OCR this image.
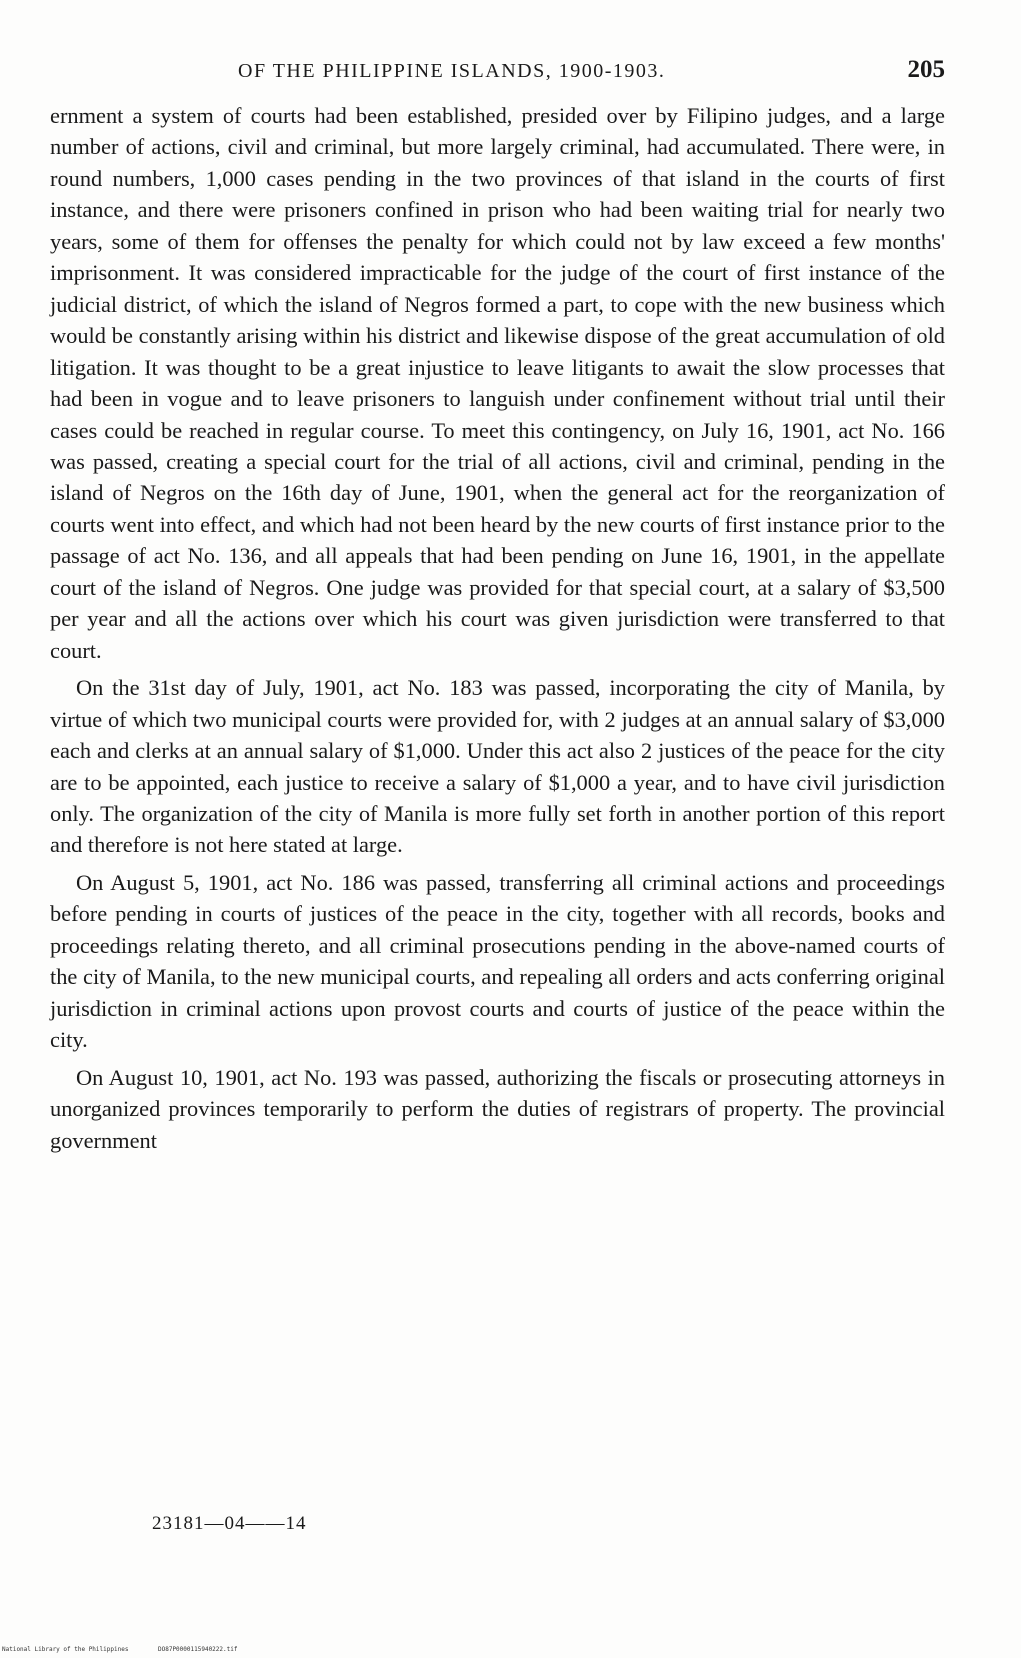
OF THE PHILIPPINE ISLANDS, 1900-1903.	205

ernment a system of courts had been established, presided over by Filipino judges, and a large number of actions, civil and criminal, but more largely criminal, had accumulated. There were, in round numbers, 1,000 cases pending in the two provinces of that island in the courts of first instance, and there were prisoners confined in prison who had been waiting trial for nearly two years, some of them for offenses the penalty for which could not by law exceed a few months' imprisonment. It was considered impracticable for the judge of the court of first instance of the judicial district, of which the island of Negros formed a part, to cope with the new business which would be constantly arising within his district and likewise dispose of the great accumulation of old litigation. It was thought to be a great injustice to leave litigants to await the slow processes that had been in vogue and to leave prisoners to languish under confinement without trial until their cases could be reached in regular course. To meet this contingency, on July 16, 1901, act No. 166 was passed, creating a special court for the trial of all actions, civil and criminal, pending in the island of Negros on the 16th day of June, 1901, when the general act for the reorganization of courts went into effect, and which had not been heard by the new courts of first instance prior to the passage of act No. 136, and all appeals that had been pending on June 16, 1901, in the appellate court of the island of Negros. One judge was provided for that special court, at a salary of $3,500 per year and all the actions over which his court was given jurisdiction were transferred to that court.

On the 31st day of July, 1901, act No. 183 was passed, incorporating the city of Manila, by virtue of which two municipal courts were provided for, with 2 judges at an annual salary of $3,000 each and clerks at an annual salary of $1,000. Under this act also 2 justices of the peace for the city are to be appointed, each justice to receive a salary of $1,000 a year, and to have civil jurisdiction only. The organization of the city of Manila is more fully set forth in another portion of this report and therefore is not here stated at large.

On August 5, 1901, act No. 186 was passed, transferring all criminal actions and proceedings before pending in courts of justices of the peace in the city, together with all records, books and proceedings relating thereto, and all criminal prosecutions pending in the above-named courts of the city of Manila, to the new municipal courts, and repealing all orders and acts conferring original jurisdiction in criminal actions upon provost courts and courts of justice of the peace within the city.

On August 10, 1901, act No. 193 was passed, authorizing the fiscals or prosecuting attorneys in unorganized provinces temporarily to perform the duties of registrars of property. The provincial government

23181—04——14
National Library of the Philippines	DO87P0000115940222.tif
